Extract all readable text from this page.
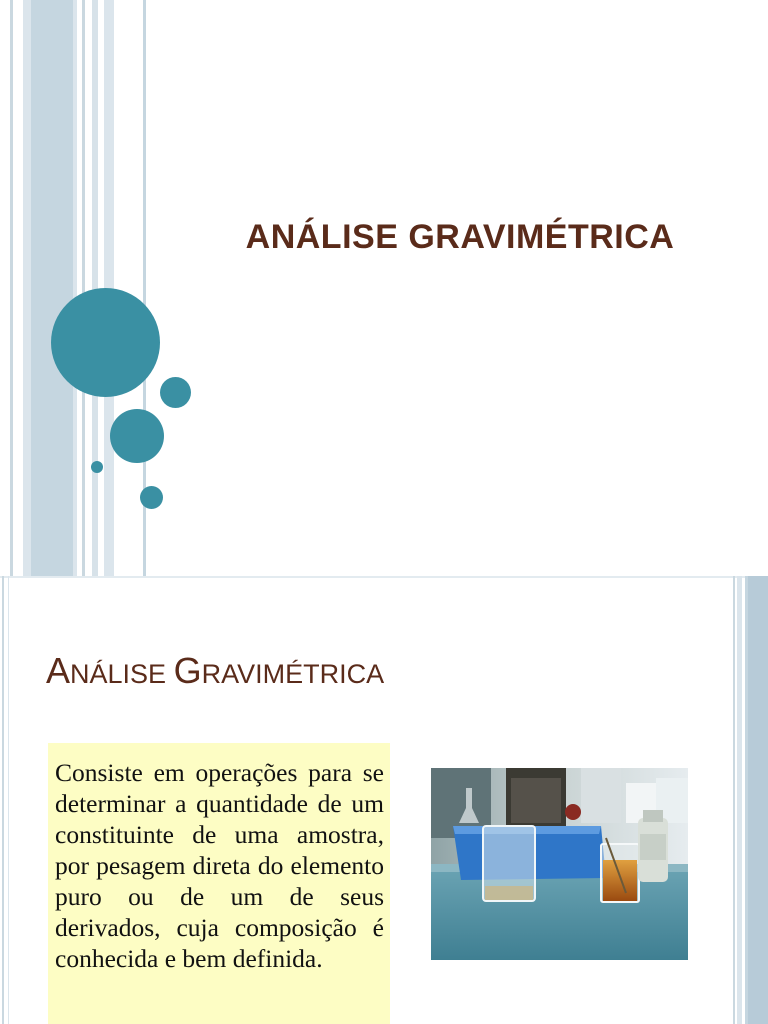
ANÁLISE GRAVIMÉTRICA
ANÁLISE GRAVIMÉTRICA
Consiste em operações para se determinar a quantidade de um constituinte de uma amostra, por pesagem direta do elemento puro ou de um de seus derivados, cuja composição é conhecida e bem definida.
